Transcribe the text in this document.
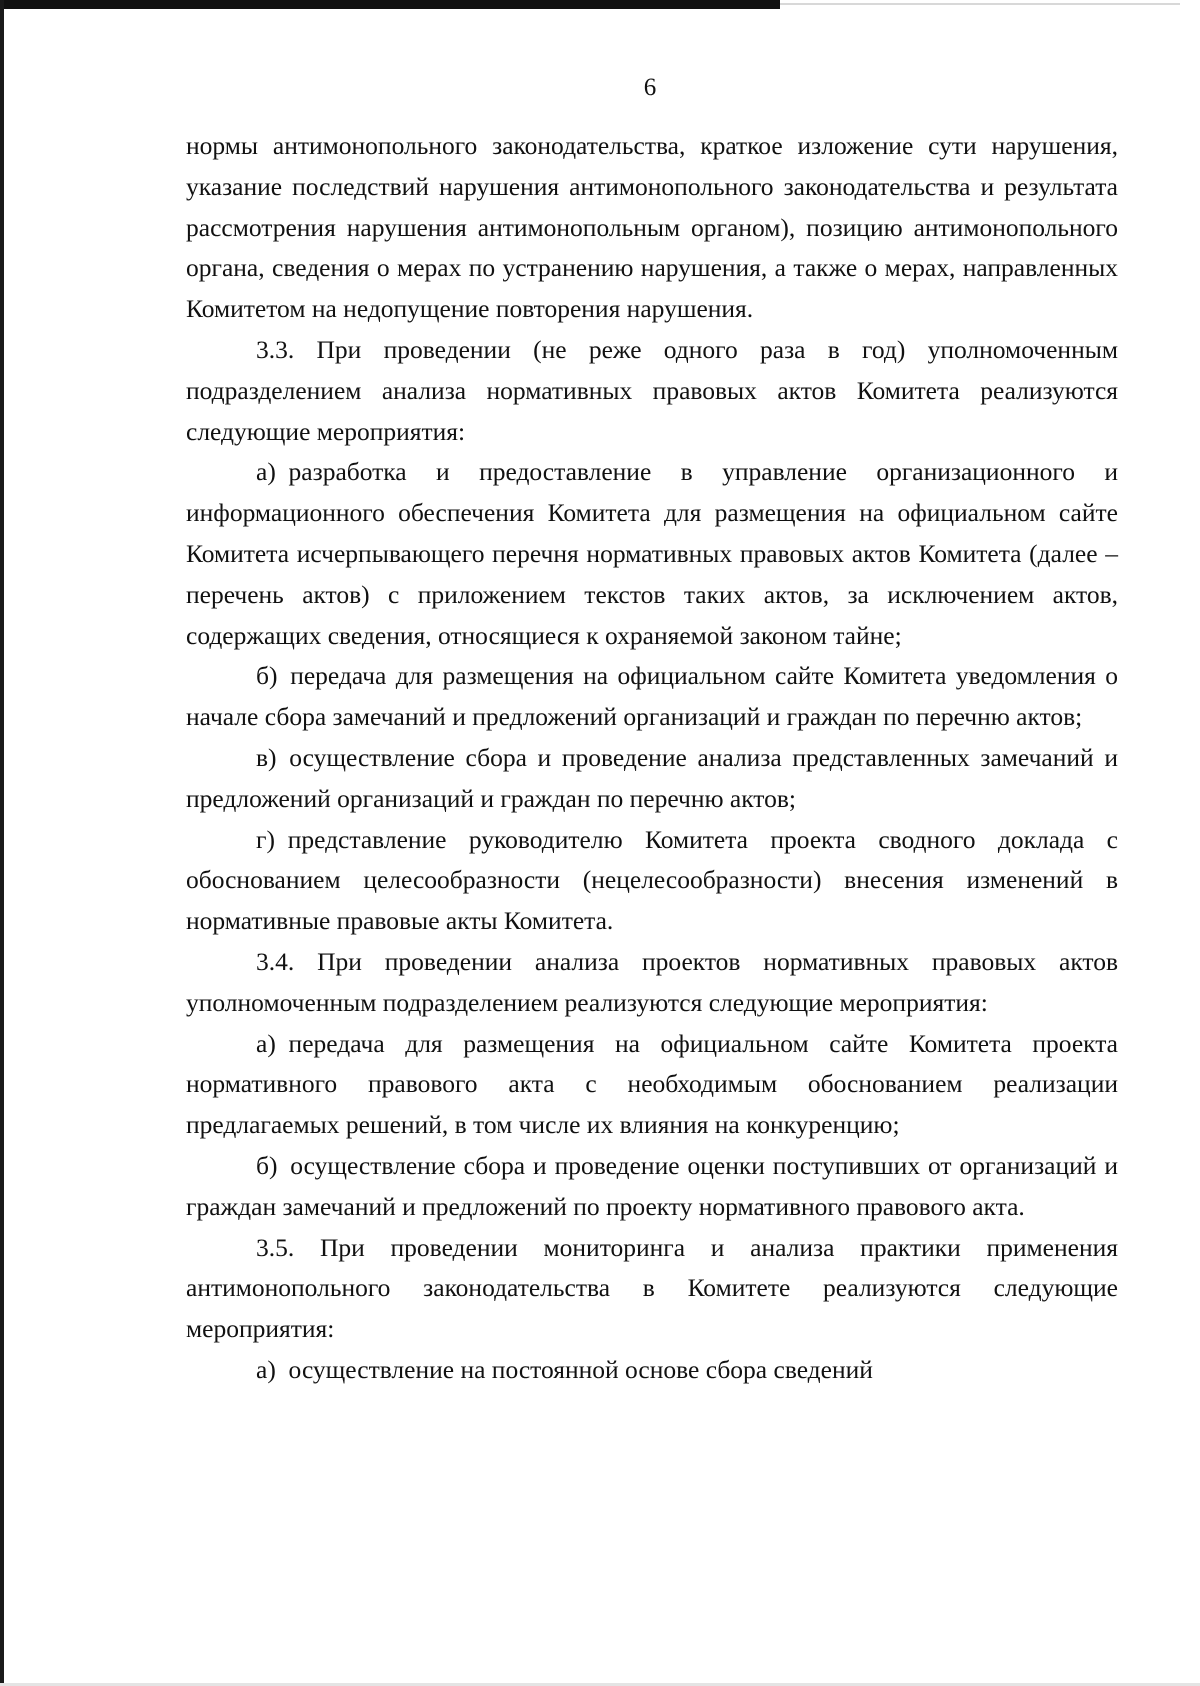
6

нормы антимонопольного законодательства, краткое изложение сути нарушения, указание последствий нарушения антимонопольного законодательства и результата рассмотрения нарушения антимонопольным органом), позицию антимонопольного органа, сведения о мерах по устранению нарушения, а также о мерах, направленных Комитетом на недопущение повторения нарушения.

3.3. При проведении (не реже одного раза в год) уполномоченным подразделением анализа нормативных правовых актов Комитета реализуются следующие мероприятия:

а) разработка и предоставление в управление организационного и информационного обеспечения Комитета для размещения на официальном сайте Комитета исчерпывающего перечня нормативных правовых актов Комитета (далее – перечень актов) с приложением текстов таких актов, за исключением актов, содержащих сведения, относящиеся к охраняемой законом тайне;

б) передача для размещения на официальном сайте Комитета уведомления о начале сбора замечаний и предложений организаций и граждан по перечню актов;

в) осуществление сбора и проведение анализа представленных замечаний и предложений организаций и граждан по перечню актов;

г) представление руководителю Комитета проекта сводного доклада с обоснованием целесообразности (нецелесообразности) внесения изменений в нормативные правовые акты Комитета.

3.4. При проведении анализа проектов нормативных правовых актов уполномоченным подразделением реализуются следующие мероприятия:

а) передача для размещения на официальном сайте Комитета проекта нормативного правового акта с необходимым обоснованием реализации предлагаемых решений, в том числе их влияния на конкуренцию;

б) осуществление сбора и проведение оценки поступивших от организаций и граждан замечаний и предложений по проекту нормативного правового акта.

3.5. При проведении мониторинга и анализа практики применения антимонопольного законодательства в Комитете реализуются следующие мероприятия:

а) осуществление на постоянной основе сбора сведений
